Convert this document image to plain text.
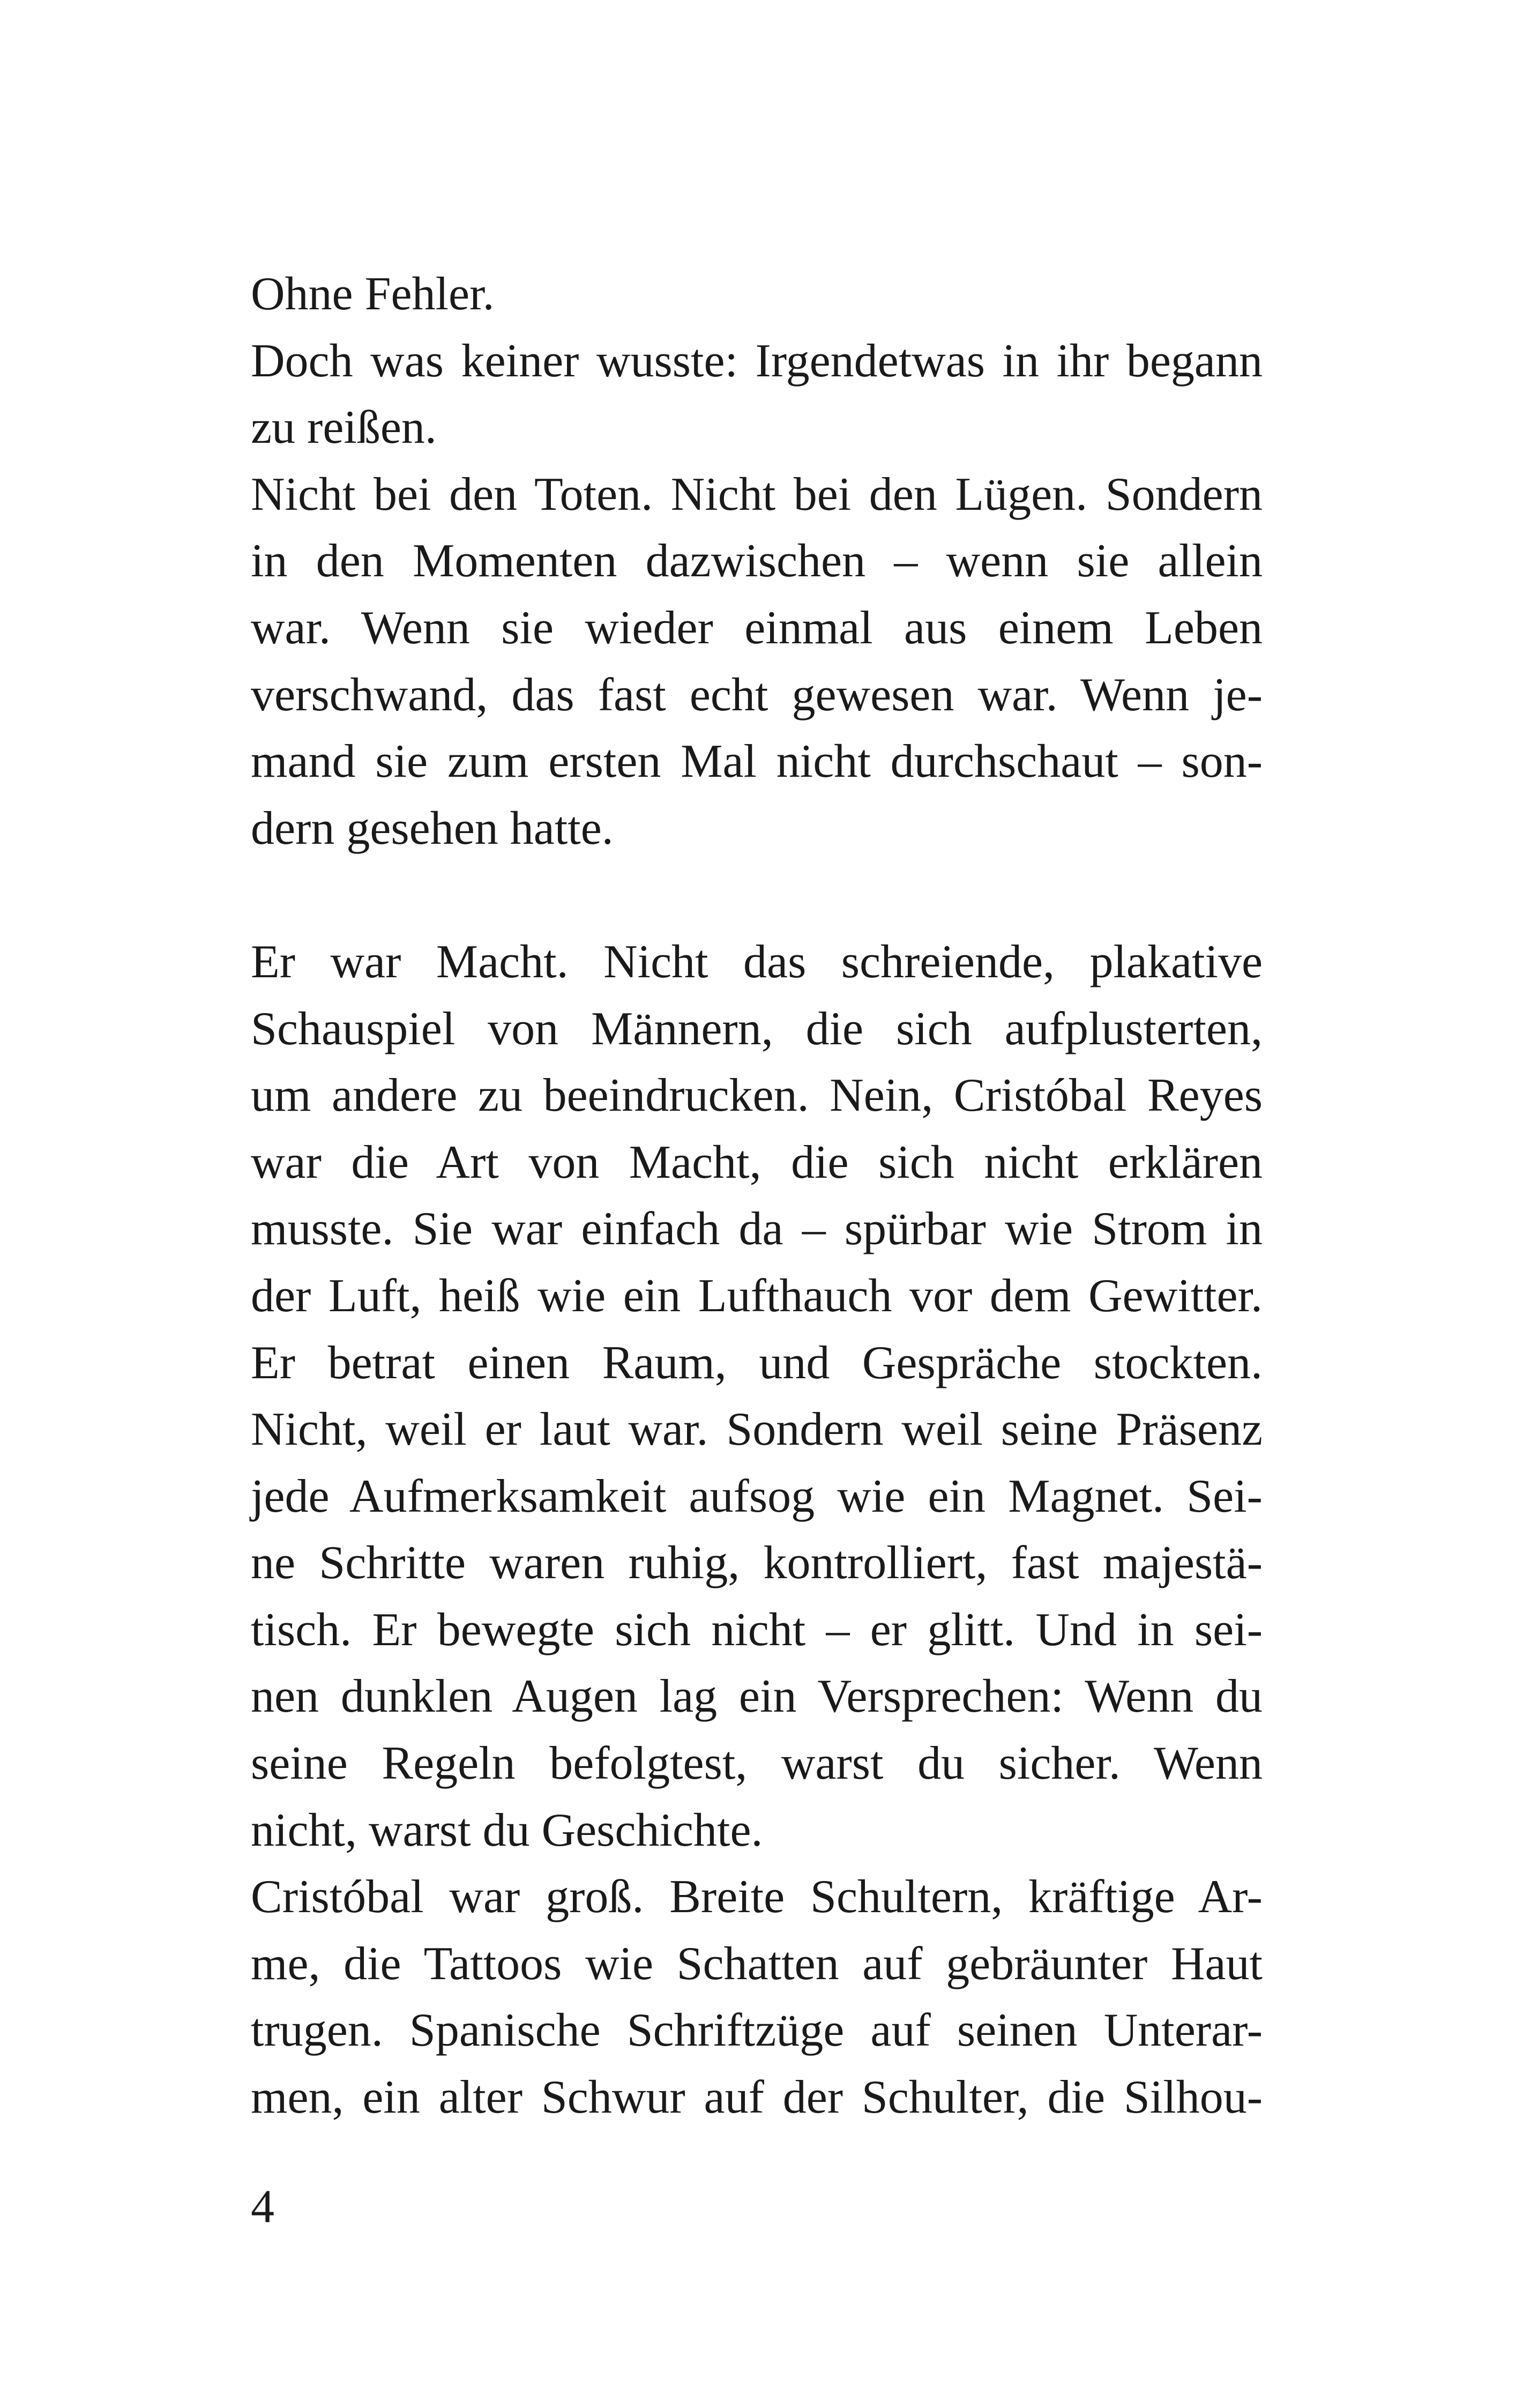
Ohne Fehler.
Doch was keiner wusste: Irgendetwas in ihr begann
zu reißen.
Nicht bei den Toten. Nicht bei den Lügen. Sondern
in den Momenten dazwischen – wenn sie allein
war. Wenn sie wieder einmal aus einem Leben
verschwand, das fast echt gewesen war. Wenn je-
mand sie zum ersten Mal nicht durchschaut – son-
dern gesehen hatte.
Er war Macht. Nicht das schreiende, plakative
Schauspiel von Männern, die sich aufplusterten,
um andere zu beeindrucken. Nein, Cristóbal Reyes
war die Art von Macht, die sich nicht erklären
musste. Sie war einfach da – spürbar wie Strom in
der Luft, heiß wie ein Lufthauch vor dem Gewitter.
Er betrat einen Raum, und Gespräche stockten.
Nicht, weil er laut war. Sondern weil seine Präsenz
jede Aufmerksamkeit aufsog wie ein Magnet. Sei-
ne Schritte waren ruhig, kontrolliert, fast majestä-
tisch. Er bewegte sich nicht – er glitt. Und in sei-
nen dunklen Augen lag ein Versprechen: Wenn du
seine Regeln befolgtest, warst du sicher. Wenn
nicht, warst du Geschichte.
Cristóbal war groß. Breite Schultern, kräftige Ar-
me, die Tattoos wie Schatten auf gebräunter Haut
trugen. Spanische Schriftzüge auf seinen Unterar-
men, ein alter Schwur auf der Schulter, die Silhou-
4
